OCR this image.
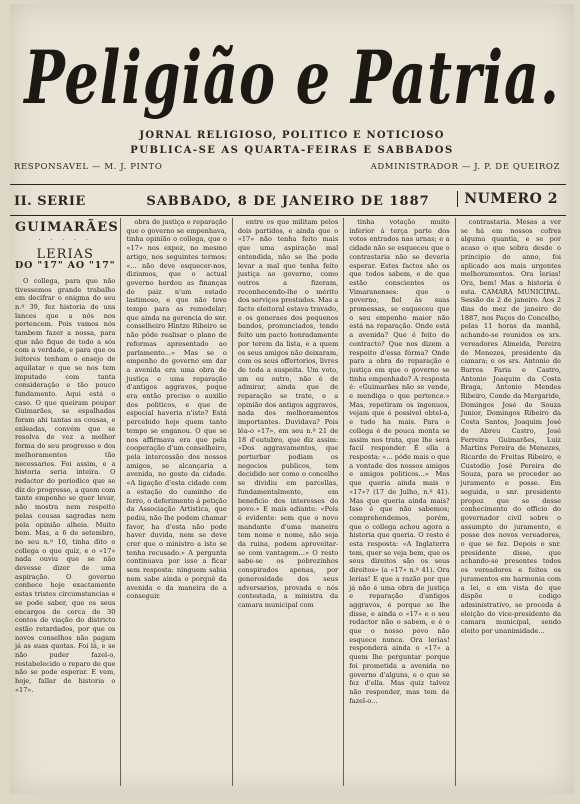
Peligião e Patria.
JORNAL RELIGIOSO, POLITICO E NOTICIOSO
PUBLICA-SE AS QUARTA-FEIRAS E SABBADOS
RESPONSAVEL — M. J. PINTO	ADMINISTRADOR — J. P. DE QUEIROZ
II. SERIE	SABBADO, 8 DE JANEIRO DE 1887	NUMERO 2
GUIMARÃES
· · · · ·
LERIAS
DO "17" AO "17"

O collega, para que não tivessemos grande trabalho em decifrar o enigma do seu n.º 39, fez historia de uns lances que a nós nos pertencem. Pois vamos nós tambem fazer a nossa, para que não fique de todo a sós com a verdade, e para que os leitores tenham o ensejo de aquilatar o que se nos tem imputado com tanta consideração e tão pouco fundamento. Aqui está o caso. O que queiram poupar Guimarães, se espalhadas foram ahi tantas as cousas, e enleadas, convém que se resolva de vez a melhor forma do seu progresso e dos melhoramentos tão necessarios. Foi assim, e a historia seria inteira. O redactor do periodico que se diz do progresso, a quem com tanto empenho se quer levar, não mostra nem respeito pelas cousas sagradas nem pela opinião alheia. Muito bem. Mas, a 6 de setembro, no seu n.º 10, tinha dito o collega o que quiz, e o «17» nada ouviu que se não devesse dizer de uma aspiração. O governo conhece hoje exactamente estas tristes circumstancias e se pode saber, que os seus encargos de cerca de 30 contos de viação do districto estão retardados, por que os novos conselhos não pagam já as suas quotas. Foi lá, e se não puder fazel-o, restabelecido o reparo de que não se pode esperar. E vem, hoje, fallar de historia o «17».

obra de justiça e reparação que o governo se empenhava, tinha opinião o collega, que o «17» nos expoz, no mesmo artigo, nos seguintes termos: «... não deve esquecer-nos, diziamos, que o actual governo herdou as finanças do paiz n'um estado lastimoso, e que não teve tempo para as remodelar; que ainda na gerencia do snr. conselheiro Hintze Ribeiro se não pôde realisar o plano de reformas apresentado ao parlamento...» Mas se o empenho do governo em dar a avenida era uma obra de justiça e uma reparação d'antigos aggravos, poque era então preciso o auxilio dos politicos, e que de especial haveria n'isto? Está percebido hoje quem tanto tempo se enganou. O que se nos affirmava era que pela cooperação d'um conselheiro, pela intercessão dos nossos amigos, se alcançaria a avenida, no gosto da cidade. «A ligação d'esta cidade com a estação do caminho de ferro, o deferimento á petição da Associação Artistica, que pediu, não lhe podem chamar favor, ha d'esta não pode haver duvida, nem se deve crer que o ministro a isto se tenha recusado.» A pergunta continuava por isso a ficar sem resposta: ninguem sabia nem sabe ainda o porquê da avenida e da maneira de a conseguir.

entre os que militam pelos dois partidos, e ainda que o «17» não tenha feito mais que uma aspiração mal entendida, não se lhe pode levar a mal que tenha feito justiça ao governo, como outros a fizeram, reconhecendo-lhe o mérito dos serviços prestados. Mas a facto eleitoral estava travado, e os generaes dos pequenos bandos, pronunciados, tendo feito um pacto honradamente por terem da lista, e a quem os seus amigos não deixaram, com os seus offertorios, livres de toda a suspeita. Um voto, um ou outro, não é de admirar, ainda que de reparação se trate, e a opinião dos antigos aggravos, nada dos melhoramentos importantes. Duvidava? Pois lêa-o «17», em seu n.º 21 de 18 d'outubro, que diz assim: «Dos aggravamentos, que perturbar podiam os negocios publicos, tem decidido ser como o concelho se dividiu em parcellas, fundamentalmente, em beneficio dos interesses do povo.» E mais adiante: «Pois é evidente: sem que o novo mandante d'uma maneira tem nome e nome, não seja da ruina, podem aproveitar-se com vantagem...» O resto sabe-se os pobrezinhos conspirados apenas, por generosidade dos seus adversarios, provada e nós contestada, a ministra da camara municipal com

tinha votação muito inferior á terça parte dos votos entrados nas urnas; e a cidade não se esqueceu que o contrastaria não se deveria esperar. Estes factos são os que todos sabem, e de que estão conscientes os Vimaranenses: que o governo, fiel ás suas promessas, se esqueceu que o seu empenho maior não está na reparação. Onde está a avenida? Que é feito do contracto? Que nos dizem a respeito d'essa fórma? Onde para a obra de reparação e justiça em que o governo se tinha empenhado? A resposta é: «Guimarães não se vende, e mendiga o que pertence.» Mas, repetiram os ingenuos, vejam que é possivel obtel-a, e tudo ha mais. Para o collega é de pouca monta se assim nos trata, que lhe será facil responder. É ella a resposta: «... póde mais o que a vontade dos nossos amigos e amigos politicos...» Mas que queria ainda mais o «17»? (17 de Julho, n.º 41). Mas que queria ainda mais? Isso é que não sabemos; comprehendemos, porém, que o collega achou agora a historia que queria. O resto é esta resposta: «A Inglaterra tem, quer se veja bem, que os seus direitos são os seus direitos» (a «17» n.º 41). Ora lerias! E que a razão por que já não é uma obra de justiça e reparação d'antigos aggravos, é porque se lhe disse, e ainda o «17» e o seu redactor não o sabem, e é o que o nosso povo não esquece nunca. Ora lerias! responderá ainda o «17» a quem lhe perguntar porque foi prometida a avenida no governo d'alguns, e o que se fez d'ella. Mas quiz talvez não responder, mas tem de fazel-o...

contrastaria. Mesas a ver se há em nossos cofres alguma quantia, e se por acaso o que sobra desde o principio do anno, foi aplicado aos mais urgentes melhoramentos. Ora lerias! Ora, bem! Mas a historia é esta. CAMARA MUNICIPAL. Sessão de 2 de janeiro. Aos 2 dias do mez de janeiro de 1887, nos Paços do Concelho, pelas 11 horas da manhã, achando-se reunidos os srs. vereadores Almeida, Pereira de Menezes, presidente da camara; e os srs. Antonio de Barros Faria e Castro, Antonio Joaquim da Costa Braga, Antonio Mendes Ribeiro, Conde da Margaride, Domingos José de Souza Junior, Domingos Ribeiro da Costa Santos, Joaquim José de Abreu Castro, José Ferreira Guimarães, Luiz Martins Pereira de Menezes, Ricardo de Freitas Ribeiro, e Custodio José Pereira de Souza, para se proceder ao juramento e posse. Em seguida, o snr. presidente propoz que se desse conhecimento do officio do governador civil sobre o assumpto do juramento, e posse dos novos vereadores, o que se fez. Depois o snr. presidente disse, que achando-se presentes todos os vereadores e feitos os juramentos em harmonia com a lei, e em vista do que dispõe o codigo administrativo, se proceda á eleição do vice-presidente da camara municipal, sendo eleito por unanimidade...
